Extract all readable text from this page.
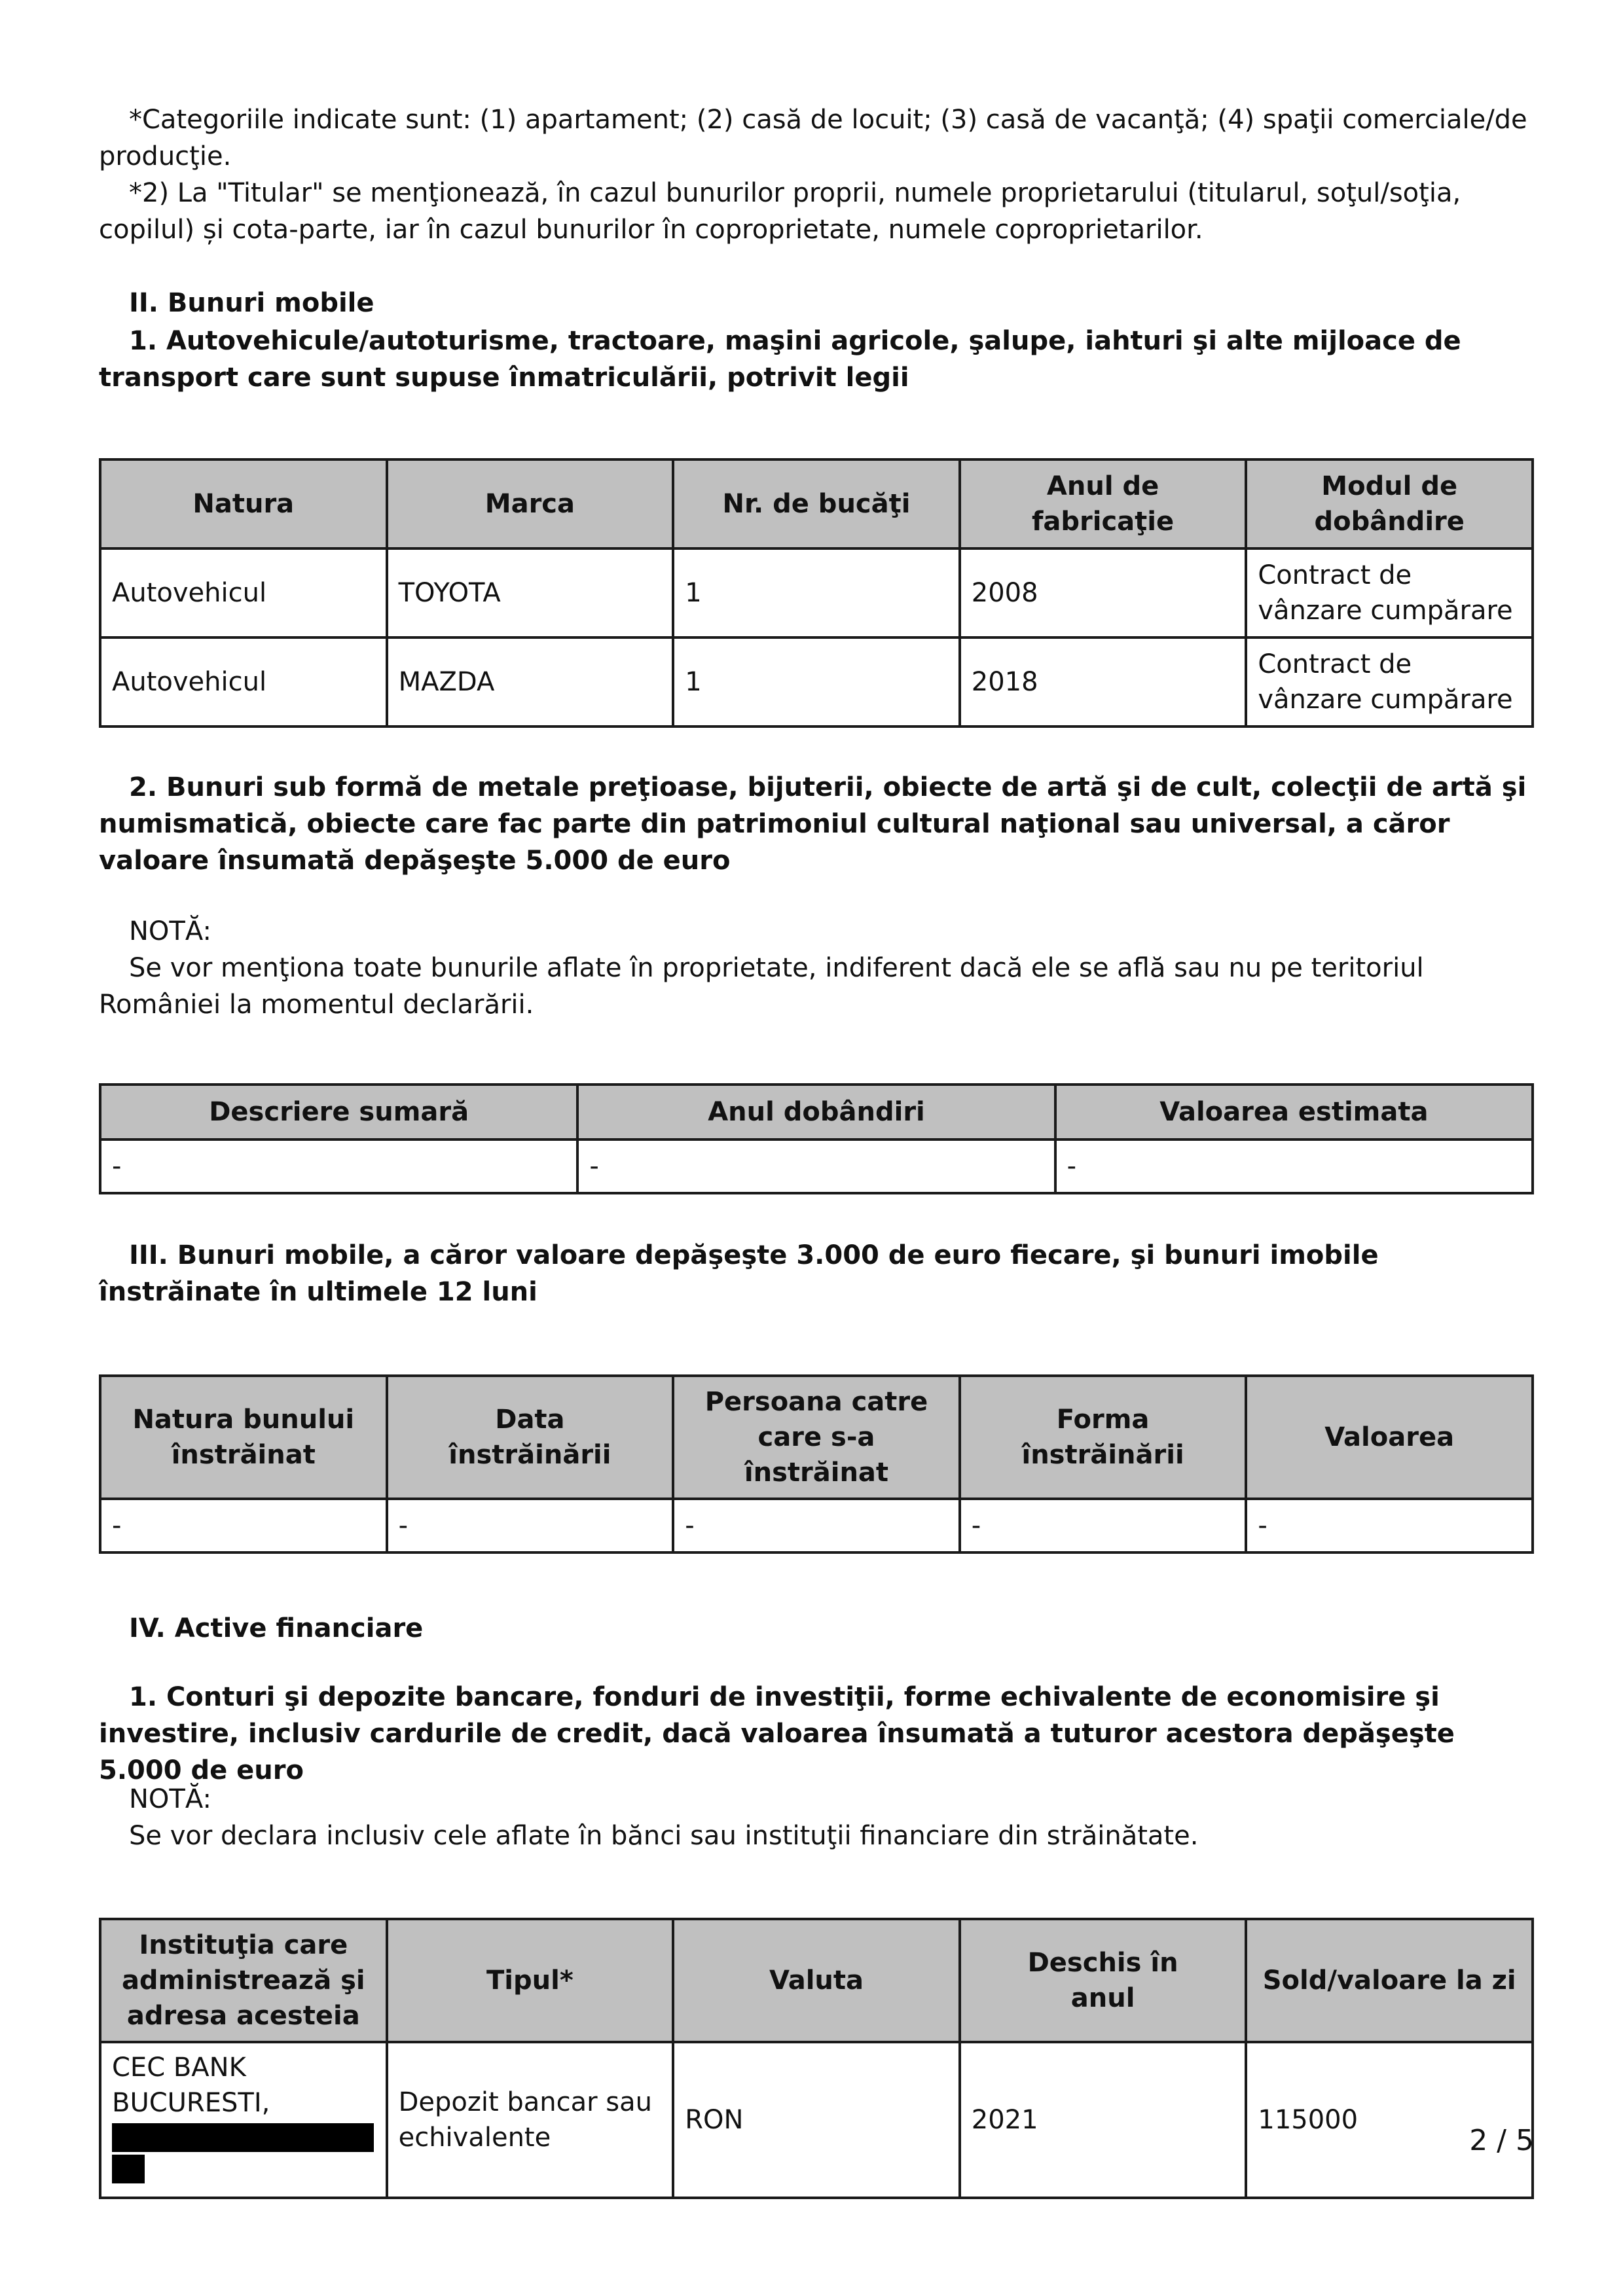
*Categoriile indicate sunt: (1) apartament; (2) casă de locuit; (3) casă de vacanţă; (4) spaţii comerciale/de producţie.

*2) La "Titular" se menţionează, în cazul bunurilor proprii, numele proprietarului (titularul, soţul/soţia, copilul) și cota-parte, iar în cazul bunurilor în coproprietate, numele coproprietarilor.

II. Bunuri mobile

1. Autovehicule/autoturisme, tractoare, maşini agricole, şalupe, iahturi şi alte mijloace de transport care sunt supuse înmatriculării, potrivit legii

Natura	Marca	Nr. de bucăţi	Anul de fabricaţie	Modul de dobândire
Autovehicul	TOYOTA	1	2008	Contract de vânzare cumpărare
Autovehicul	MAZDA	1	2018	Contract de vânzare cumpărare

2. Bunuri sub formă de metale preţioase, bijuterii, obiecte de artă şi de cult, colecţii de artă şi numismatică, obiecte care fac parte din patrimoniul cultural naţional sau universal, a căror valoare însumată depăşeşte 5.000 de euro

NOTĂ:

Se vor menţiona toate bunurile aflate în proprietate, indiferent dacă ele se află sau nu pe teritoriul României la momentul declarării.

Descriere sumară	Anul dobândiri	Valoarea estimata
-	-	-

III. Bunuri mobile, a căror valoare depăşeşte 3.000 de euro fiecare, şi bunuri imobile înstrăinate în ultimele 12 luni

Natura bunului înstrăinat	Data înstrăinării	Persoana catre care s-a înstrăinat	Forma înstrăinării	Valoarea
-	-	-	-	-

IV. Active financiare

1. Conturi şi depozite bancare, fonduri de investiţii, forme echivalente de economisire şi investire, inclusiv cardurile de credit, dacă valoarea însumată a tuturor acestora depăşeşte 5.000 de euro

NOTĂ:

Se vor declara inclusiv cele aflate în bănci sau instituţii financiare din străinătate.

Instituţia care administrează şi adresa acesteia	Tipul*	Valuta	Deschis în anul	Sold/valoare la zi
CEC BANK BUCURESTI,	Depozit bancar sau echivalente	RON	2021	115000
2 / 5
